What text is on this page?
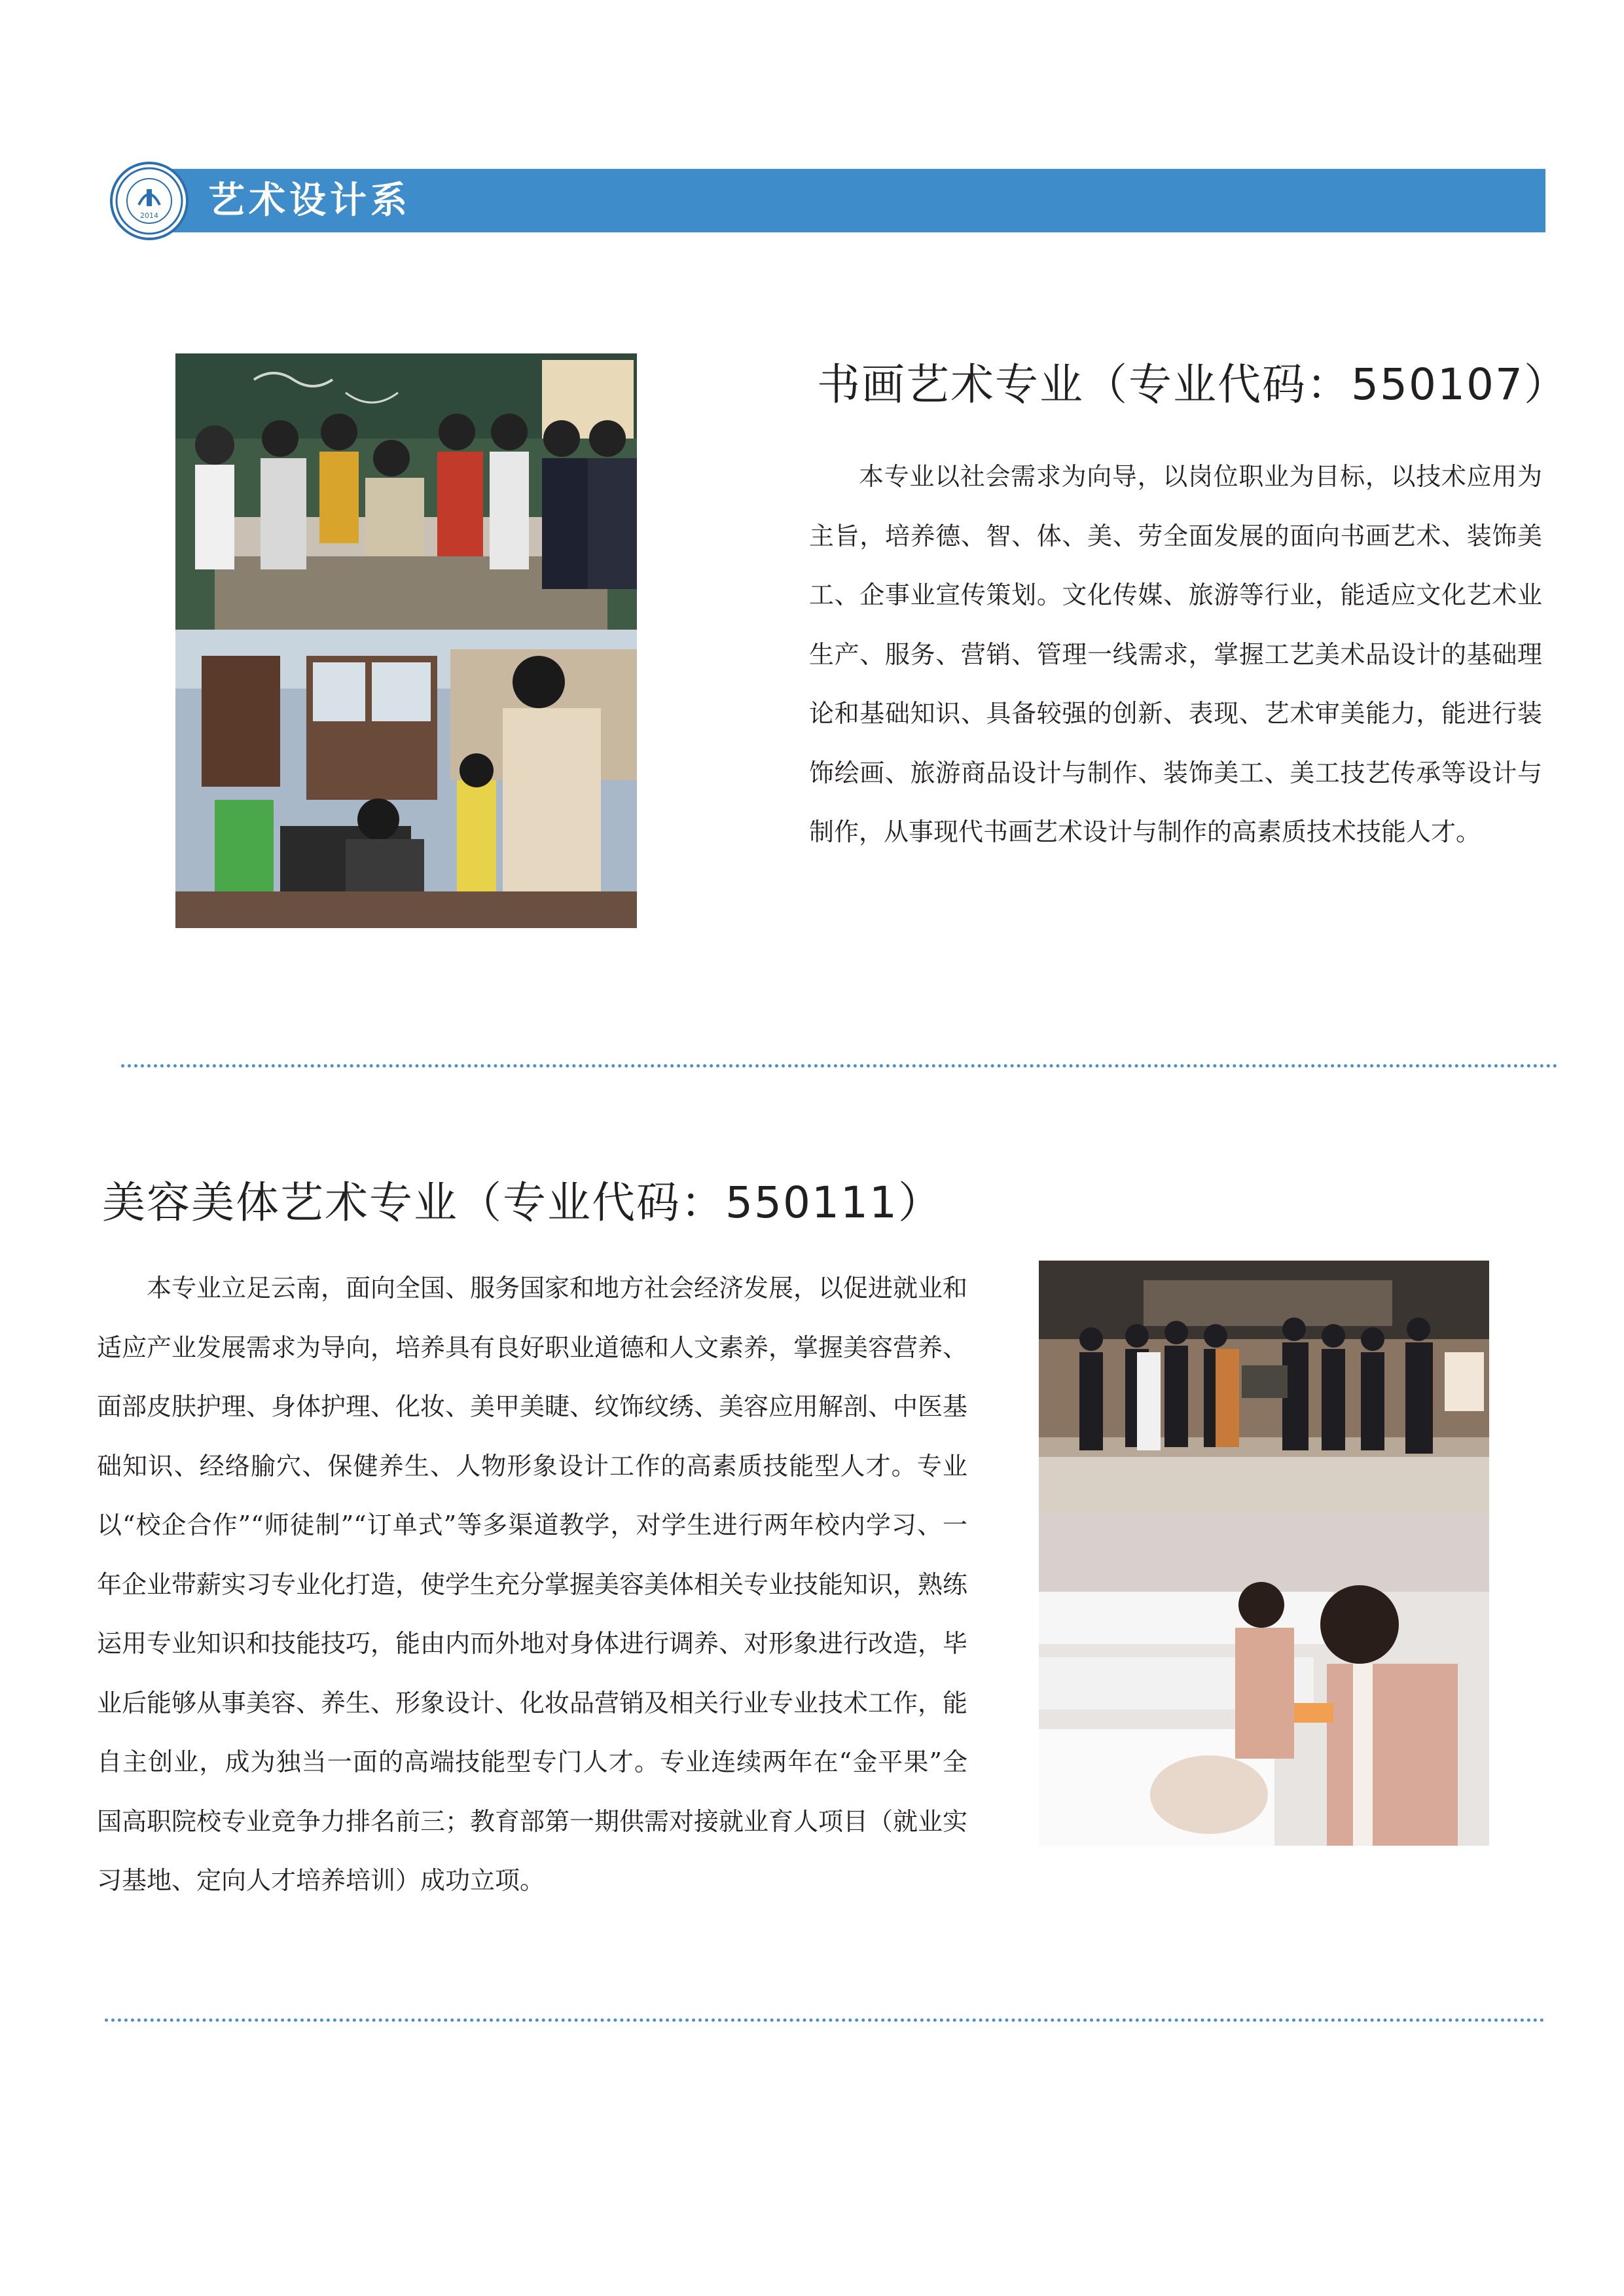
2014 艺术设计系
书画艺术专业（专业代码：550107）
本专业以社会需求为向导，以岗位职业为目标，以技术应用为主旨，培养德、智、体、美、劳全面发展的面向书画艺术、装饰美工、企事业宣传策划。文化传媒、旅游等行业，能适应文化艺术业生产、服务、营销、管理一线需求，掌握工艺美术品设计的基础理论和基础知识、具备较强的创新、表现、艺术审美能力，能进行装饰绘画、旅游商品设计与制作、装饰美工、美工技艺传承等设计与制作，从事现代书画艺术设计与制作的高素质技术技能人才。
美容美体艺术专业（专业代码：550111）
本专业立足云南，面向全国、服务国家和地方社会经济发展，以促进就业和适应产业发展需求为导向，培养具有良好职业道德和人文素养，掌握美容营养、面部皮肤护理、身体护理、化妆、美甲美睫、纹饰纹绣、美容应用解剖、中医基础知识、经络腧穴、保健养生、人物形象设计工作的高素质技能型人才。专业以“校企合作”“师徒制”“订单式”等多渠道教学，对学生进行两年校内学习、一年企业带薪实习专业化打造，使学生充分掌握美容美体相关专业技能知识，熟练运用专业知识和技能技巧，能由内而外地对身体进行调养、对形象进行改造，毕业后能够从事美容、养生、形象设计、化妆品营销及相关行业专业技术工作，能自主创业，成为独当一面的高端技能型专门人才。专业连续两年在“金平果”全国高职院校专业竞争力排名前三；教育部第一期供需对接就业育人项目（就业实习基地、定向人才培养培训）成功立项。
